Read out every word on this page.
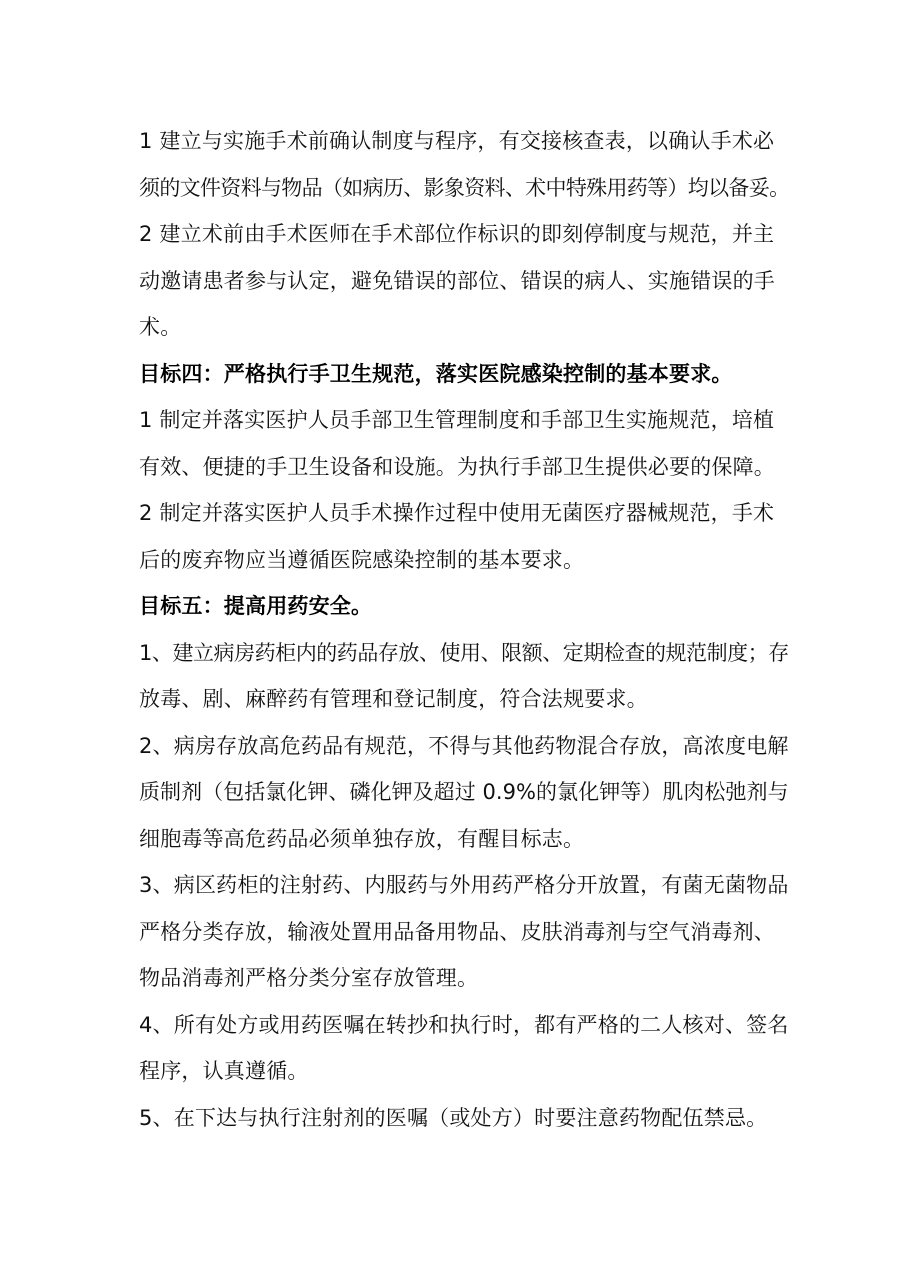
1 建立与实施手术前确认制度与程序，有交接核查表，以确认手术必
须的文件资料与物品（如病历、影象资料、术中特殊用药等）均以备妥。
2 建立术前由手术医师在手术部位作标识的即刻停制度与规范，并主
动邀请患者参与认定，避免错误的部位、错误的病人、实施错误的手
术。
目标四：严格执行手卫生规范，落实医院感染控制的基本要求。
1 制定并落实医护人员手部卫生管理制度和手部卫生实施规范，培植
有效、便捷的手卫生设备和设施。为执行手部卫生提供必要的保障。
2 制定并落实医护人员手术操作过程中使用无菌医疗器械规范，手术
后的废弃物应当遵循医院感染控制的基本要求。
目标五：提高用药安全。
1、建立病房药柜内的药品存放、使用、限额、定期检查的规范制度；存
放毒、剧、麻醉药有管理和登记制度，符合法规要求。
2、病房存放高危药品有规范，不得与其他药物混合存放，高浓度电解
质制剂（包括氯化钾、磷化钾及超过 0.9%的氯化钾等）肌肉松弛剂与
细胞毒等高危药品必须单独存放，有醒目标志。
3、病区药柜的注射药、内服药与外用药严格分开放置，有菌无菌物品
严格分类存放，输液处置用品备用物品、皮肤消毒剂与空气消毒剂、
物品消毒剂严格分类分室存放管理。
4、所有处方或用药医嘱在转抄和执行时，都有严格的二人核对、签名
程序，认真遵循。
5、在下达与执行注射剂的医嘱（或处方）时要注意药物配伍禁忌。
